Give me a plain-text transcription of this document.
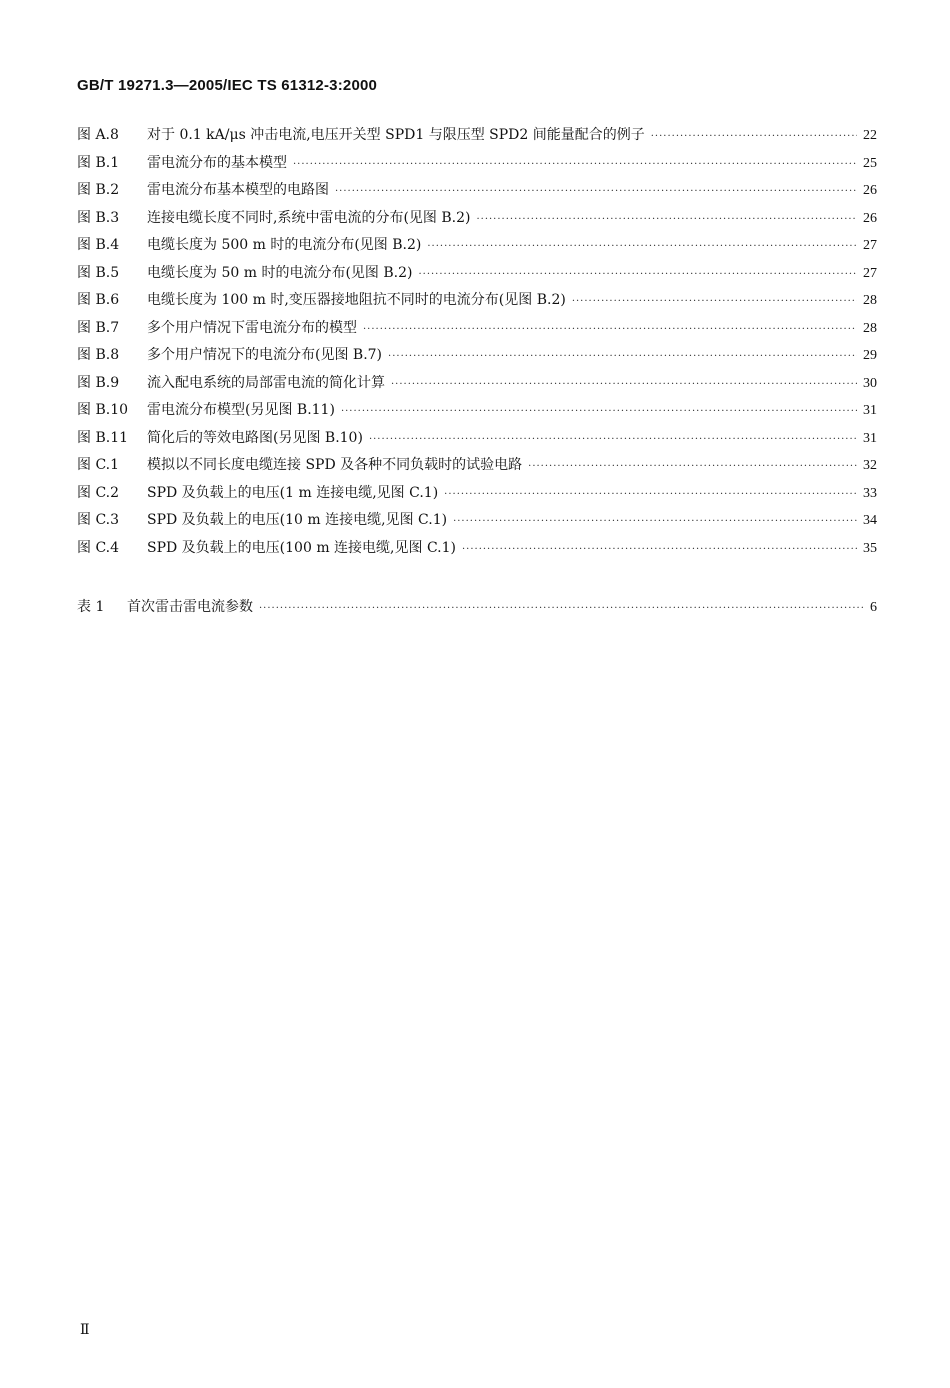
GB/T 19271.3—2005/IEC TS 61312-3:2000
图 A.8	对于 0.1 kA/μs 冲击电流,电压开关型 SPD1 与限压型 SPD2 间能量配合的例子 ·····	22
图 B.1	雷电流分布的基本模型 ·····	25
图 B.2	雷电流分布基本模型的电路图 ·····	26
图 B.3	连接电缆长度不同时,系统中雷电流的分布(见图 B.2) ·····	26
图 B.4	电缆长度为 500 m 时的电流分布(见图 B.2) ·····	27
图 B.5	电缆长度为 50 m 时的电流分布(见图 B.2) ·····	27
图 B.6	电缆长度为 100 m 时,变压器接地阻抗不同时的电流分布(见图 B.2) ·····	28
图 B.7	多个用户情况下雷电流分布的模型 ·····	28
图 B.8	多个用户情况下的电流分布(见图 B.7) ·····	29
图 B.9	流入配电系统的局部雷电流的简化计算 ·····	30
图 B.10	雷电流分布模型(另见图 B.11) ·····	31
图 B.11	简化后的等效电路图(另见图 B.10) ·····	31
图 C.1	模拟以不同长度电缆连接 SPD 及各种不同负载时的试验电路 ·····	32
图 C.2	SPD 及负载上的电压(1 m 连接电缆,见图 C.1) ·····	33
图 C.3	SPD 及负载上的电压(10 m 连接电缆,见图 C.1) ·····	34
图 C.4	SPD 及负载上的电压(100 m 连接电缆,见图 C.1) ·····	35
表 1	首次雷击雷电流参数 ·····	6
Ⅱ
